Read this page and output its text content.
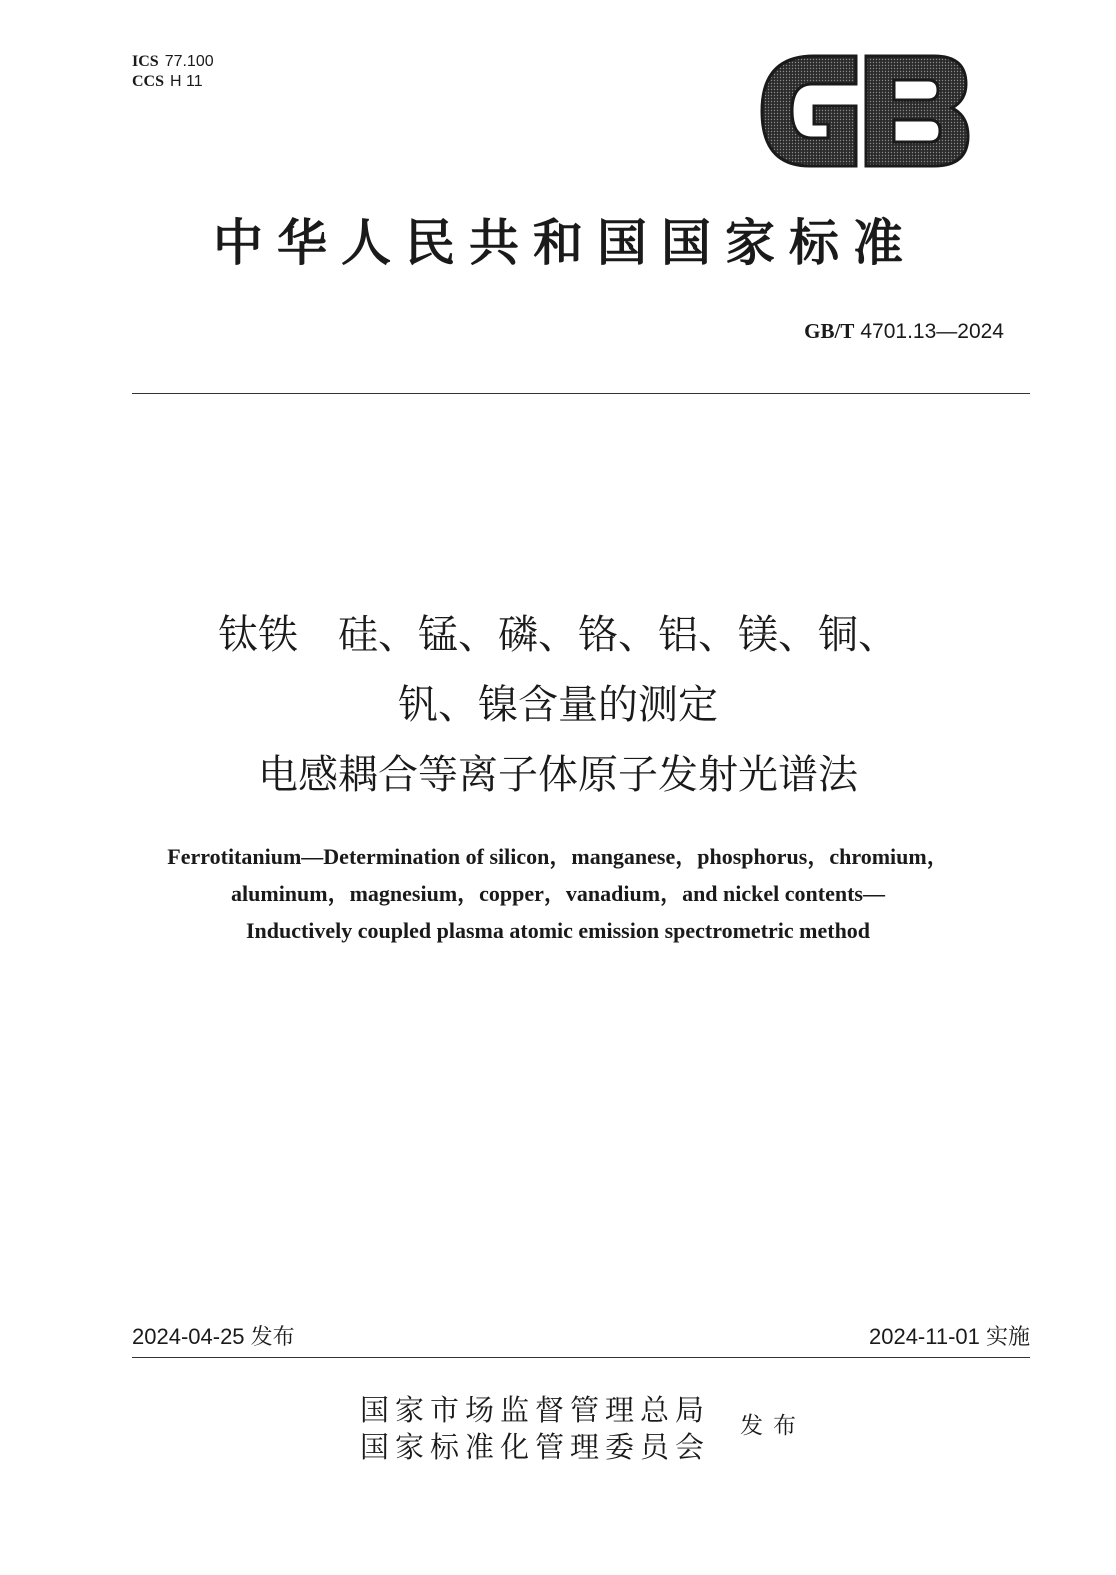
ICS 77.100
CCS H 11
中华人民共和国国家标准
GB/T 4701.13—2024
钛铁　硅、锰、磷、铬、铝、镁、铜、
钒、镍含量的测定
电感耦合等离子体原子发射光谱法
Ferrotitanium—Determination of silicon，manganese，phosphorus，chromium，
aluminum，magnesium，copper，vanadium，and nickel contents—
Inductively coupled plasma atomic emission spectrometric method
2024-04-25 发布	2024-11-01 实施
国家市场监督管理总局
国家标准化管理委员会
发布
